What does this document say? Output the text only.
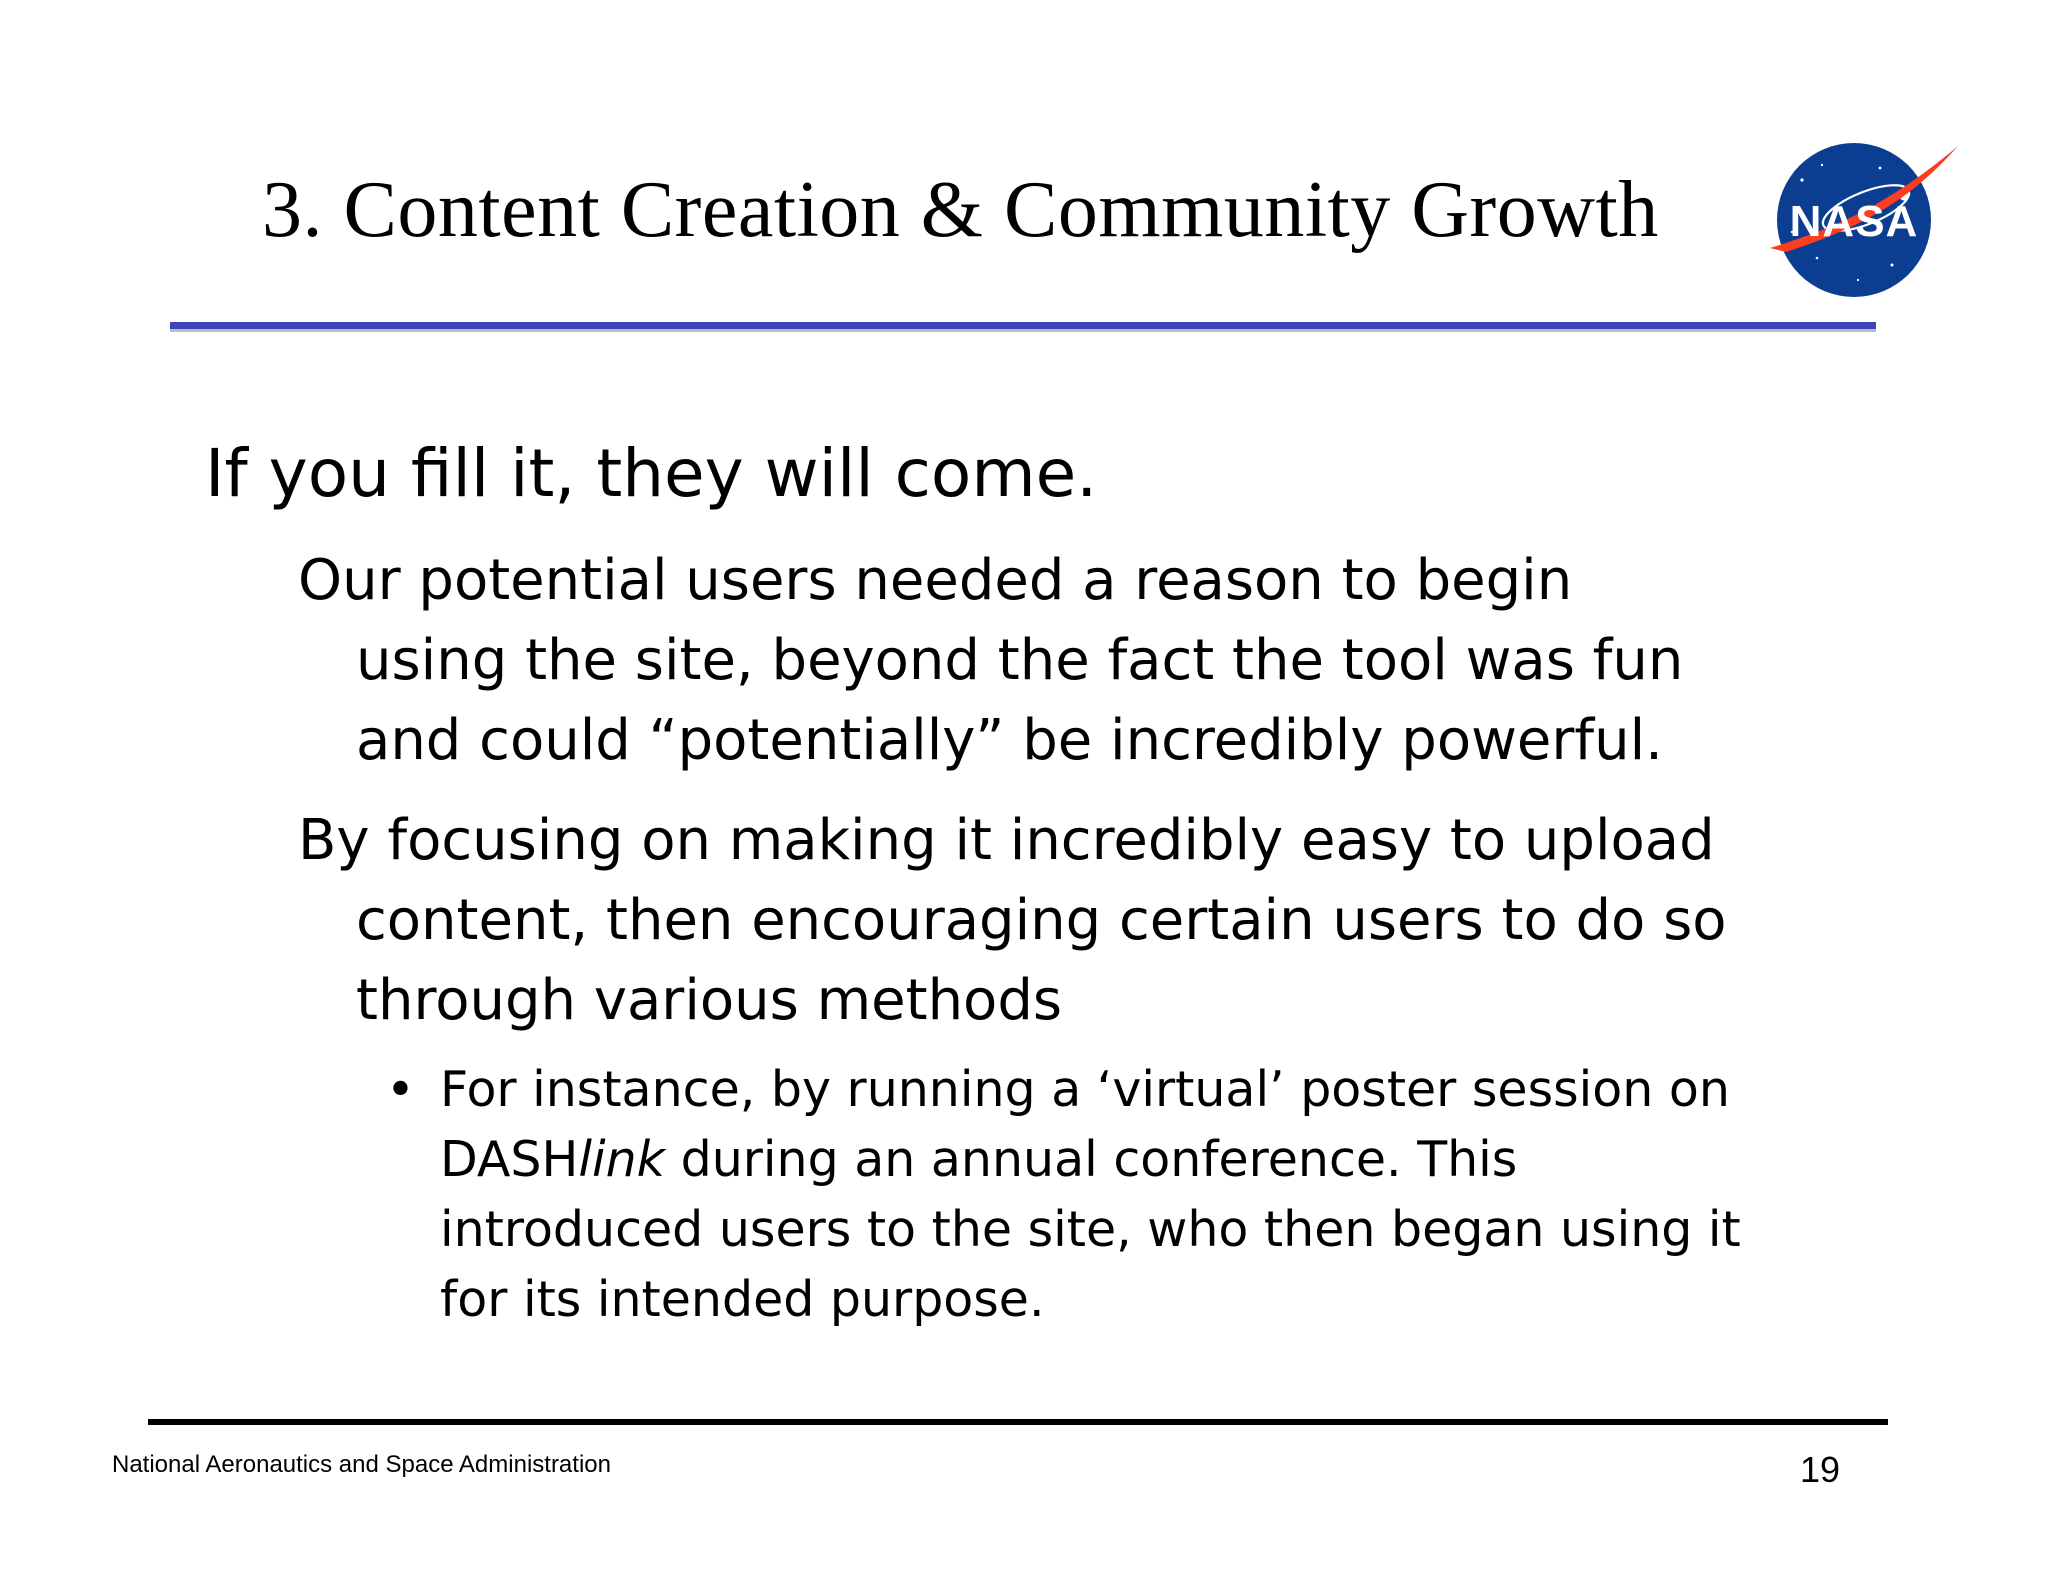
3. Content Creation & Community Growth	NASA
If you fill it, they will come.
Our potential users needed a reason to begin
using the site, beyond the fact the tool was fun
and could “potentially” be incredibly powerful.
By focusing on making it incredibly easy to upload
content, then encouraging certain users to do so
through various methods
• For instance, by running a ‘virtual’ poster session on
DASHlink during an annual conference. This
introduced users to the site, who then began using it
for its intended purpose.
National Aeronautics and Space Administration	19
